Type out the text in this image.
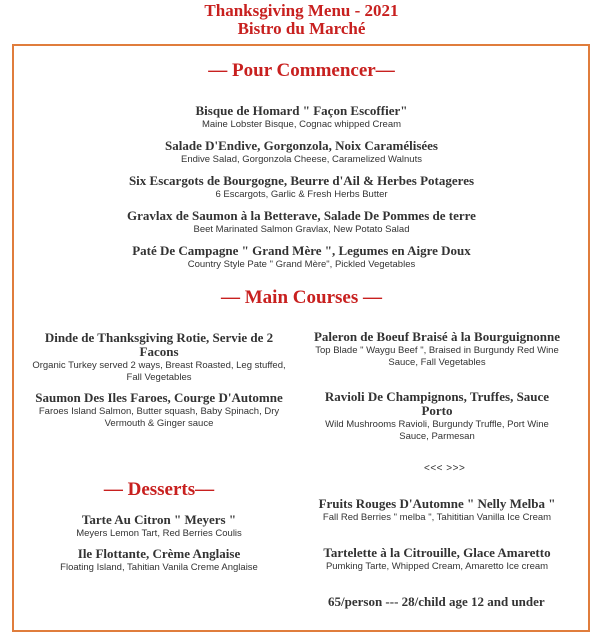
Thanksgiving Menu - 2021
Bistro du Marché
— Pour Commencer—
Bisque de Homard " Façon Escoffier"
Maine Lobster Bisque, Cognac whipped Cream
Salade D'Endive, Gorgonzola, Noix Caramélisées
Endive Salad, Gorgonzola Cheese, Caramelized Walnuts
Six Escargots de Bourgogne, Beurre d'Ail & Herbes Potageres
6 Escargots, Garlic & Fresh Herbs Butter
Gravlax de Saumon à la Betterave, Salade De Pommes de terre
Beet Marinated Salmon Gravlax, New Potato Salad
Paté De Campagne " Grand Mère ", Legumes en Aigre Doux
Country Style Pate " Grand Mère", Pickled Vegetables
— Main Courses —
Dinde de Thanksgiving Rotie, Servie de 2 Facons
Organic Turkey served 2 ways, Breast Roasted, Leg stuffed, Fall Vegetables
Saumon Des Iles Faroes, Courge D'Automne
Faroes Island Salmon, Butter squash, Baby Spinach, Dry Vermouth & Ginger sauce
Paleron de Boeuf Braisé à la Bourguignonne
Top Blade " Waygu Beef ", Braised in Burgundy Red Wine Sauce, Fall Vegetables
Ravioli De Champignons, Truffes, Sauce Porto
Wild Mushrooms Ravioli, Burgundy Truffle, Port Wine Sauce, Parmesan
<<< >>>
— Desserts—
Tarte Au Citron " Meyers "
Meyers Lemon Tart, Red Berries Coulis
Ile Flottante, Crème Anglaise
Floating Island, Tahitian Vanila Creme Anglaise
Fruits Rouges D'Automne " Nelly Melba "
Fall Red Berries " melba ", Tahititian Vanilla Ice Cream
Tartelette à la Citrouille, Glace Amaretto
Pumking Tarte, Whipped Cream, Amaretto Ice cream
65/person --- 28/child age 12 and under
